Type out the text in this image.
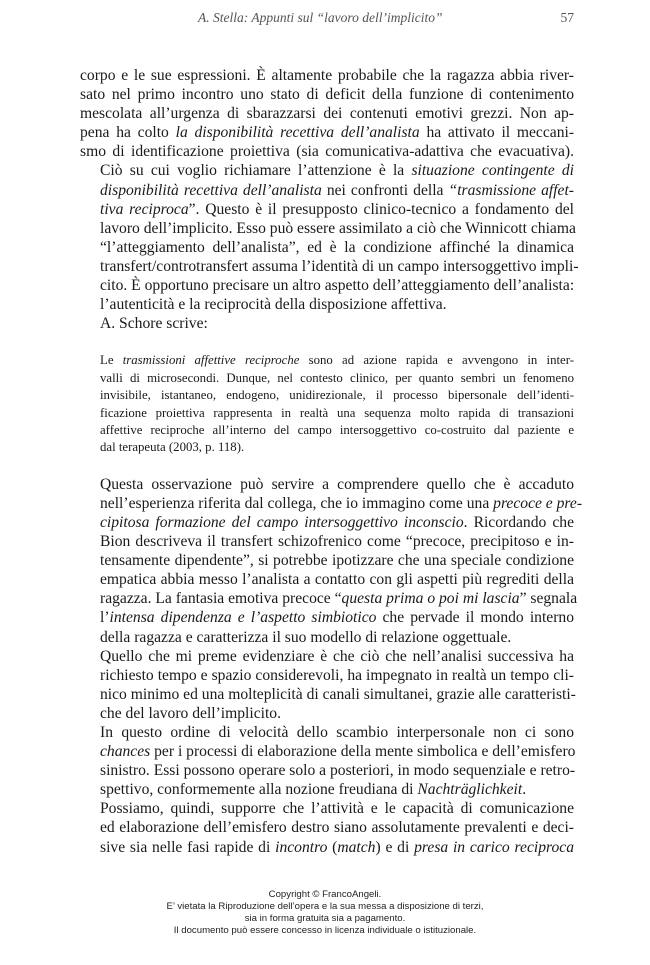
A. Stella: Appunti sul “lavoro dell’implicito”	57

corpo e le sue espressioni. È altamente probabile che la ragazza abbia river-
sato nel primo incontro uno stato di deficit della funzione di contenimento
mescolata all’urgenza di sbarazzarsi dei contenuti emotivi grezzi. Non ap-
pena ha colto la disponibilità recettiva dell’analista ha attivato il meccani-
smo di identificazione proiettiva (sia comunicativa-adattiva che evacuativa).

Ciò su cui voglio richiamare l’attenzione è la situazione contingente di
disponibilità recettiva dell’analista nei confronti della “trasmissione affet-
tiva reciproca”. Questo è il presupposto clinico-tecnico a fondamento del
lavoro dell’implicito. Esso può essere assimilato a ciò che Winnicott chiama
“l’atteggiamento dell’analista”, ed è la condizione affinché la dinamica
transfert/controtransfert assuma l’identità di un campo intersoggettivo impli-
cito. È opportuno precisare un altro aspetto dell’atteggiamento dell’analista:
l’autenticità e la reciprocità della disposizione affettiva.

A. Schore scrive:

Le trasmissioni affettive reciproche sono ad azione rapida e avvengono in inter-
valli di microsecondi. Dunque, nel contesto clinico, per quanto sembri un fenomeno
invisibile, istantaneo, endogeno, unidirezionale, il processo bipersonale dell’identi-
ficazione proiettiva rappresenta in realtà una sequenza molto rapida di transazioni
affettive reciproche all’interno del campo intersoggettivo co-costruito dal paziente e
dal terapeuta (2003, p. 118).

Questa osservazione può servire a comprendere quello che è accaduto
nell’esperienza riferita dal collega, che io immagino come una precoce e pre-
cipitosa formazione del campo intersoggettivo inconscio. Ricordando che
Bion descriveva il transfert schizofrenico come “precoce, precipitoso e in-
tensamente dipendente”, si potrebbe ipotizzare che una speciale condizione
empatica abbia messo l’analista a contatto con gli aspetti più regrediti della
ragazza. La fantasia emotiva precoce “questa prima o poi mi lascia” segnala
l’intensa dipendenza e l’aspetto simbiotico che pervade il mondo interno
della ragazza e caratterizza il suo modello di relazione oggettuale.

Quello che mi preme evidenziare è che ciò che nell’analisi successiva ha
richiesto tempo e spazio considerevoli, ha impegnato in realtà un tempo cli-
nico minimo ed una molteplicità di canali simultanei, grazie alle caratteristi-
che del lavoro dell’implicito.

In questo ordine di velocità dello scambio interpersonale non ci sono
chances per i processi di elaborazione della mente simbolica e dell’emisfero
sinistro. Essi possono operare solo a posteriori, in modo sequenziale e retro-
spettivo, conformemente alla nozione freudiana di Nachträglichkeit.

Possiamo, quindi, supporre che l’attività e le capacità di comunicazione
ed elaborazione dell’emisfero destro siano assolutamente prevalenti e deci-
sive sia nelle fasi rapide di incontro (match) e di presa in carico reciproca

Copyright © FrancoAngeli.
E’ vietata la Riproduzione dell’opera e la sua messa a disposizione di terzi,
sia in forma gratuita sia a pagamento.
Il documento può essere concesso in licenza individuale o istituzionale.
